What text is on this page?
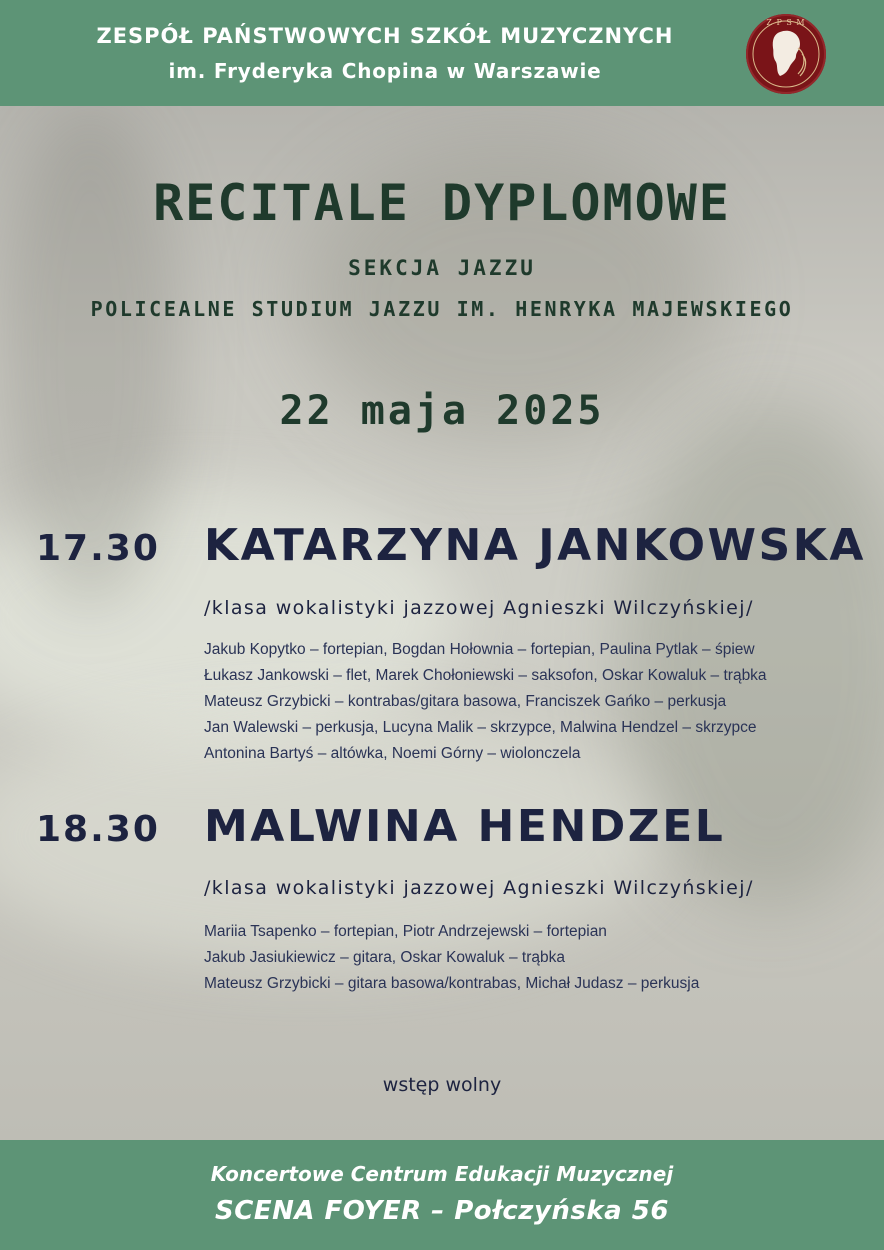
ZESPÓŁ PAŃSTWOWYCH SZKÓŁ MUZYCZNYCH
im. Fryderyka Chopina w Warszawie
Z P S M
RECITALE DYPLOMOWE
SEKCJA JAZZU
POLICEALNE STUDIUM JAZZU IM. HENRYKA MAJEWSKIEGO
22 maja 2025
17.30 KATARZYNA JANKOWSKA
/klasa wokalistyki jazzowej Agnieszki Wilczyńskiej/
Jakub Kopytko – fortepian, Bogdan Hołownia – fortepian, Paulina Pytlak – śpiew
Łukasz Jankowski – flet, Marek Chołoniewski – saksofon, Oskar Kowaluk – trąbka
Mateusz Grzybicki – kontrabas/gitara basowa, Franciszek Gańko – perkusja
Jan Walewski – perkusja, Lucyna Malik – skrzypce, Malwina Hendzel – skrzypce
Antonina Bartyś – altówka, Noemi Górny – wiolonczela
18.30 MALWINA HENDZEL
/klasa wokalistyki jazzowej Agnieszki Wilczyńskiej/
Mariia Tsapenko – fortepian, Piotr Andrzejewski – fortepian
Jakub Jasiukiewicz – gitara, Oskar Kowaluk – trąbka
Mateusz Grzybicki – gitara basowa/kontrabas, Michał Judasz – perkusja
wstęp wolny
Koncertowe Centrum Edukacji Muzycznej
SCENA FOYER – Połczyńska 56
